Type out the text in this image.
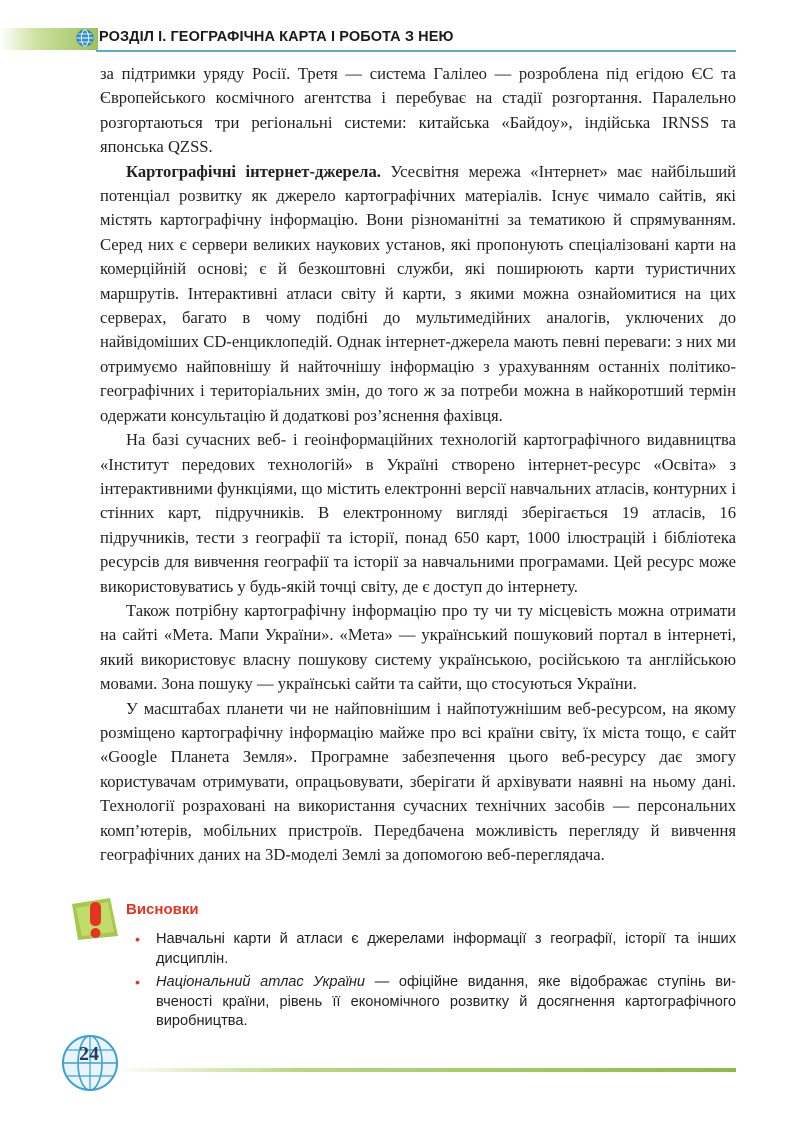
РОЗДІЛ І. ГЕОГРАФІЧНА КАРТА І РОБОТА З НЕЮ

за підтримки уряду Росії. Третя — система Галілео — розроблена під егідою ЄС та Європейського космічного агентства і перебуває на стадії розгортання. Паралельно розгортаються три регіональні системи: китайська «Байдоу», індійська IRNSS та японська QZSS.

Картографічні інтернет-джерела. Усесвітня мережа «Інтернет» має найбільший потенціал розвитку як джерело картографічних матеріалів. Існує чимало сайтів, які містять картографічну інформацію. Вони різноманітні за тематикою й спрямуванням. Серед них є сервери великих наукових установ, які пропонують спеціалізовані карти на комерційній основі; є й безкоштовні служби, які поширюють карти туристичних маршрутів. Інтерактивні атласи світу й карти, з якими можна ознайомитися на цих серверах, багато в чому подібні до мультимедійних аналогів, уключених до найвідоміших CD-енциклопедій. Однак інтернет-джерела мають певні переваги: з них ми отримуємо найповнішу й найточнішу інформацію з урахуванням останніх політико-географічних і територіальних змін, до того ж за потреби можна в найкоротший термін одержати консультацію й додаткові роз’яснення фахівця.

На базі сучасних веб- і геоінформаційних технологій картографічного видавництва «Інститут передових технологій» в Україні створено інтернет-ресурс «Освіта» з інтерактивними функціями, що містить електронні версії навчальних атласів, контурних і стінних карт, підручників. В електронному вигляді зберігається 19 атласів, 16 підручників, тести з географії та історії, понад 650 карт, 1000 ілюстрацій і бібліотека ресурсів для вивчення географії та історії за навчальними програмами. Цей ресурс може використовуватись у будь-якій точці світу, де є доступ до інтернету.

Також потрібну картографічну інформацію про ту чи ту місцевість можна отримати на сайті «Мета. Мапи України». «Мета» — український пошуковий портал в інтернеті, який використовує власну пошукову систему українською, російською та англійською мовами. Зона пошуку — українські сайти та сайти, що стосуються України.

У масштабах планети чи не найповнішим і найпотужнішим веб-ресурсом, на якому розміщено картографічну інформацію майже про всі країни світу, їх міста тощо, є сайт «Google Планета Земля». Програмне забезпечення цього веб-ресурсу дає змогу користувачам отримувати, опрацьовувати, зберігати й архівувати наявні на ньому дані. Технології розраховані на використання сучасних технічних засобів — персональних комп’ютерів, мобільних пристроїв. Передбачена можливість перегляду й вивчення географічних даних на 3D-моделі Землі за допомогою веб-переглядача.

Висновки
• Навчальні карти й атласи є джерелами інформації з географії, історії та інших дисциплін.
• Національний атлас України — офіційне видання, яке відображає ступінь вивченості країни, рівень її економічного розвитку й досягнення картографічного виробництва.
24
